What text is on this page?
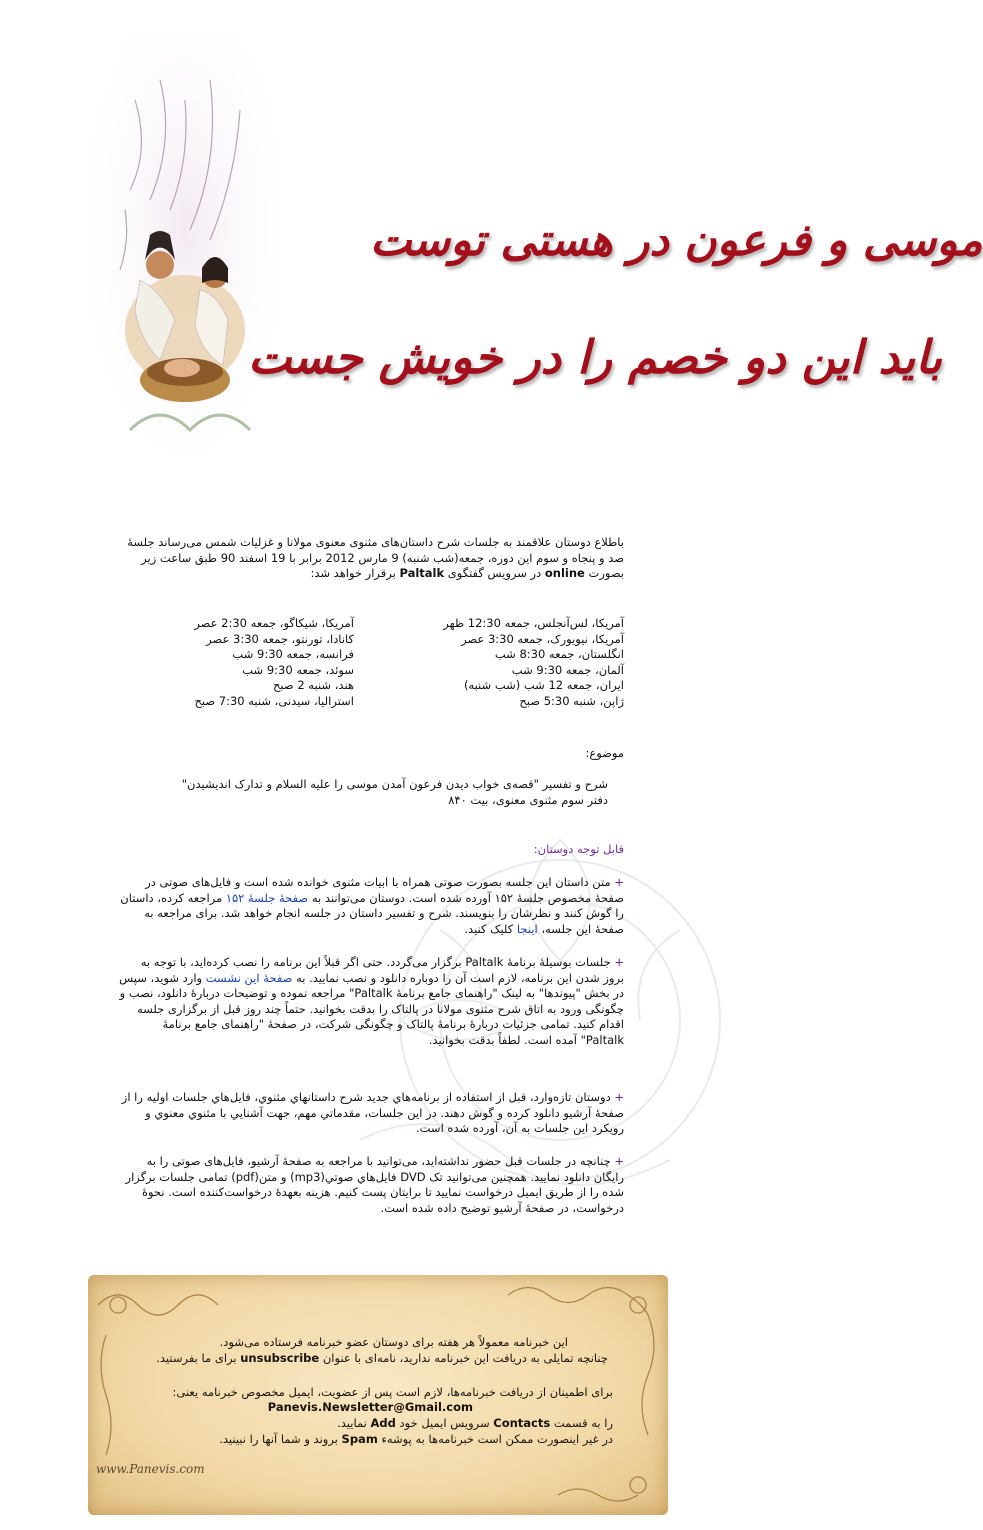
موسی و فرعون در هستی توست
باید این دو خصم را در خویش جست
باطلاع دوستان علاقمند به جلسات شرح داستان‌های مثنوی معنوی مولانا و غزلیات شمس می‌رساند جلسهٔ صد و پنجاه و سوم این دوره، جمعه(شب شنبه) 9 مارس 2012 برابر با 19 اسفند 90 طبق ساعت زیر بصورت online در سرویس گفتگوی Paltalk برقرار خواهد شد:
آمریکا، لس‌آنجلس، جمعه 12:30 ظهر
آمریکا، نیویورک، جمعه 3:30 عصر
انگلستان، جمعه 8:30 شب
آلمان، جمعه 9:30 شب
ایران، جمعه 12 شب (شب شنبه)
ژاپن، شنبه 5:30 صبح
آمریکا، شیکاگو، جمعه 2:30 عصر
کانادا، تورنتو، جمعه 3:30 عصر
فرانسه، جمعه 9:30 شب
سوئد، جمعه 9:30 شب
هند، شنبه 2 صبح
استرالیا، سیدنی، شنبه 7:30 صبح
موضوع:
شرح و تفسیر "قصه‌ی خواب دیدن فرعون آمدن موسی را علیه السلام و تدارک اندیشیدن"
دفتر سوم مثنوی معنوی، بیت ۸۴۰
قابل توجه دوستان:
+ متن داستان این جلسه بصورت صوتی همراه با ابیات مثنوی خوانده شده است و فایل‌های صوتی در صفحهٔ مخصوص جلسهٔ ۱۵۲ آورده شده است. دوستان می‌توانند به صفحهٔ جلسهٔ ۱۵۲ مراجعه کرده، داستان را گوش کنند و نظرشان را بنویسند. شرح و تفسیر داستان در جلسه انجام خواهد شد. برای مراجعه به صفحهٔ این جلسه، اینجا کلیک کنید.
+ جلسات بوسیلهٔ برنامهٔ Paltalk برگزار می‌گردد. حتی اگر قبلاً این برنامه را نصب کرده‌اید، با توجه به بروز شدن این برنامه، لازم است آن را دوباره دانلود و نصب نمایید. به صفحهٔ این نشست وارد شوید، سپس در بخش "پیوندها" به لینک "راهنمای جامع برنامهٔ Paltalk" مراجعه نموده و توضیحات دربارهٔ دانلود، نصب و چگونگی ورود به اتاق شرح مثنوی مولانا در پالتاک را بدقت بخوانید. حتماً چند روز قبل از برگزاری جلسه اقدام کنید. تمامی جزئیات دربارهٔ برنامهٔ پالتاک و چگونگی شرکت، در صفحهٔ "راهنمای جامع برنامهٔ Paltalk" آمده است. لطفاً بدقت بخوانید.
+ دوستان تازه‌وارد، قبل از استفاده از برنامه‌هاي جديد شرح داستانهاي مثنوي، فايل‌هاي جلسات اوليه را از صفحهٔ آرشيو دانلود کرده و گوش دهند. در اين جلسات، مقدماتي مهم، جهت آشنايي با مثنوي معنوي و رويکرد اين جلسات به آن، آورده شده است.
+ چنانچه در جلسات قبل حضور نداشته‌اید، می‌توانید با مراجعه به صفحهٔ آرشیو، فایل‌های صوتی را به رایگان دانلود نمایید. همچنین می‌توانید تک DVD فایل‌هاي صوتي(mp3) و متن(pdf) تمامی جلسات برگزار شده را از طریق ایمیل درخواست نمایید تا برایتان پست کنیم. هزینه بعهدهٔ درخواست‌کننده است. نحوهٔ درخواست، در صفحهٔ آرشیو توضیح داده شده است.
این خبرنامه معمولاً هر هفته برای دوستان عضو خبرنامه فرستاده می‌شود.
چنانچه تمایلی به دریافت این خبرنامه ندارید، نامه‌ای با عنوان unsubscribe برای ما بفرستید.
برای اطمینان از دریافت خبرنامه‌ها، لازم است پس از عضویت، ایمیل مخصوص خبرنامه یعنی:
Panevis.Newsletter@Gmail.com
را به قسمت Contacts سرویس ایمیل خود Add نمایید.
در غیر اینصورت ممکن است خبرنامه‌ها به پوشهء Spam بروند و شما آنها را نبینید.
www.Panevis.com
